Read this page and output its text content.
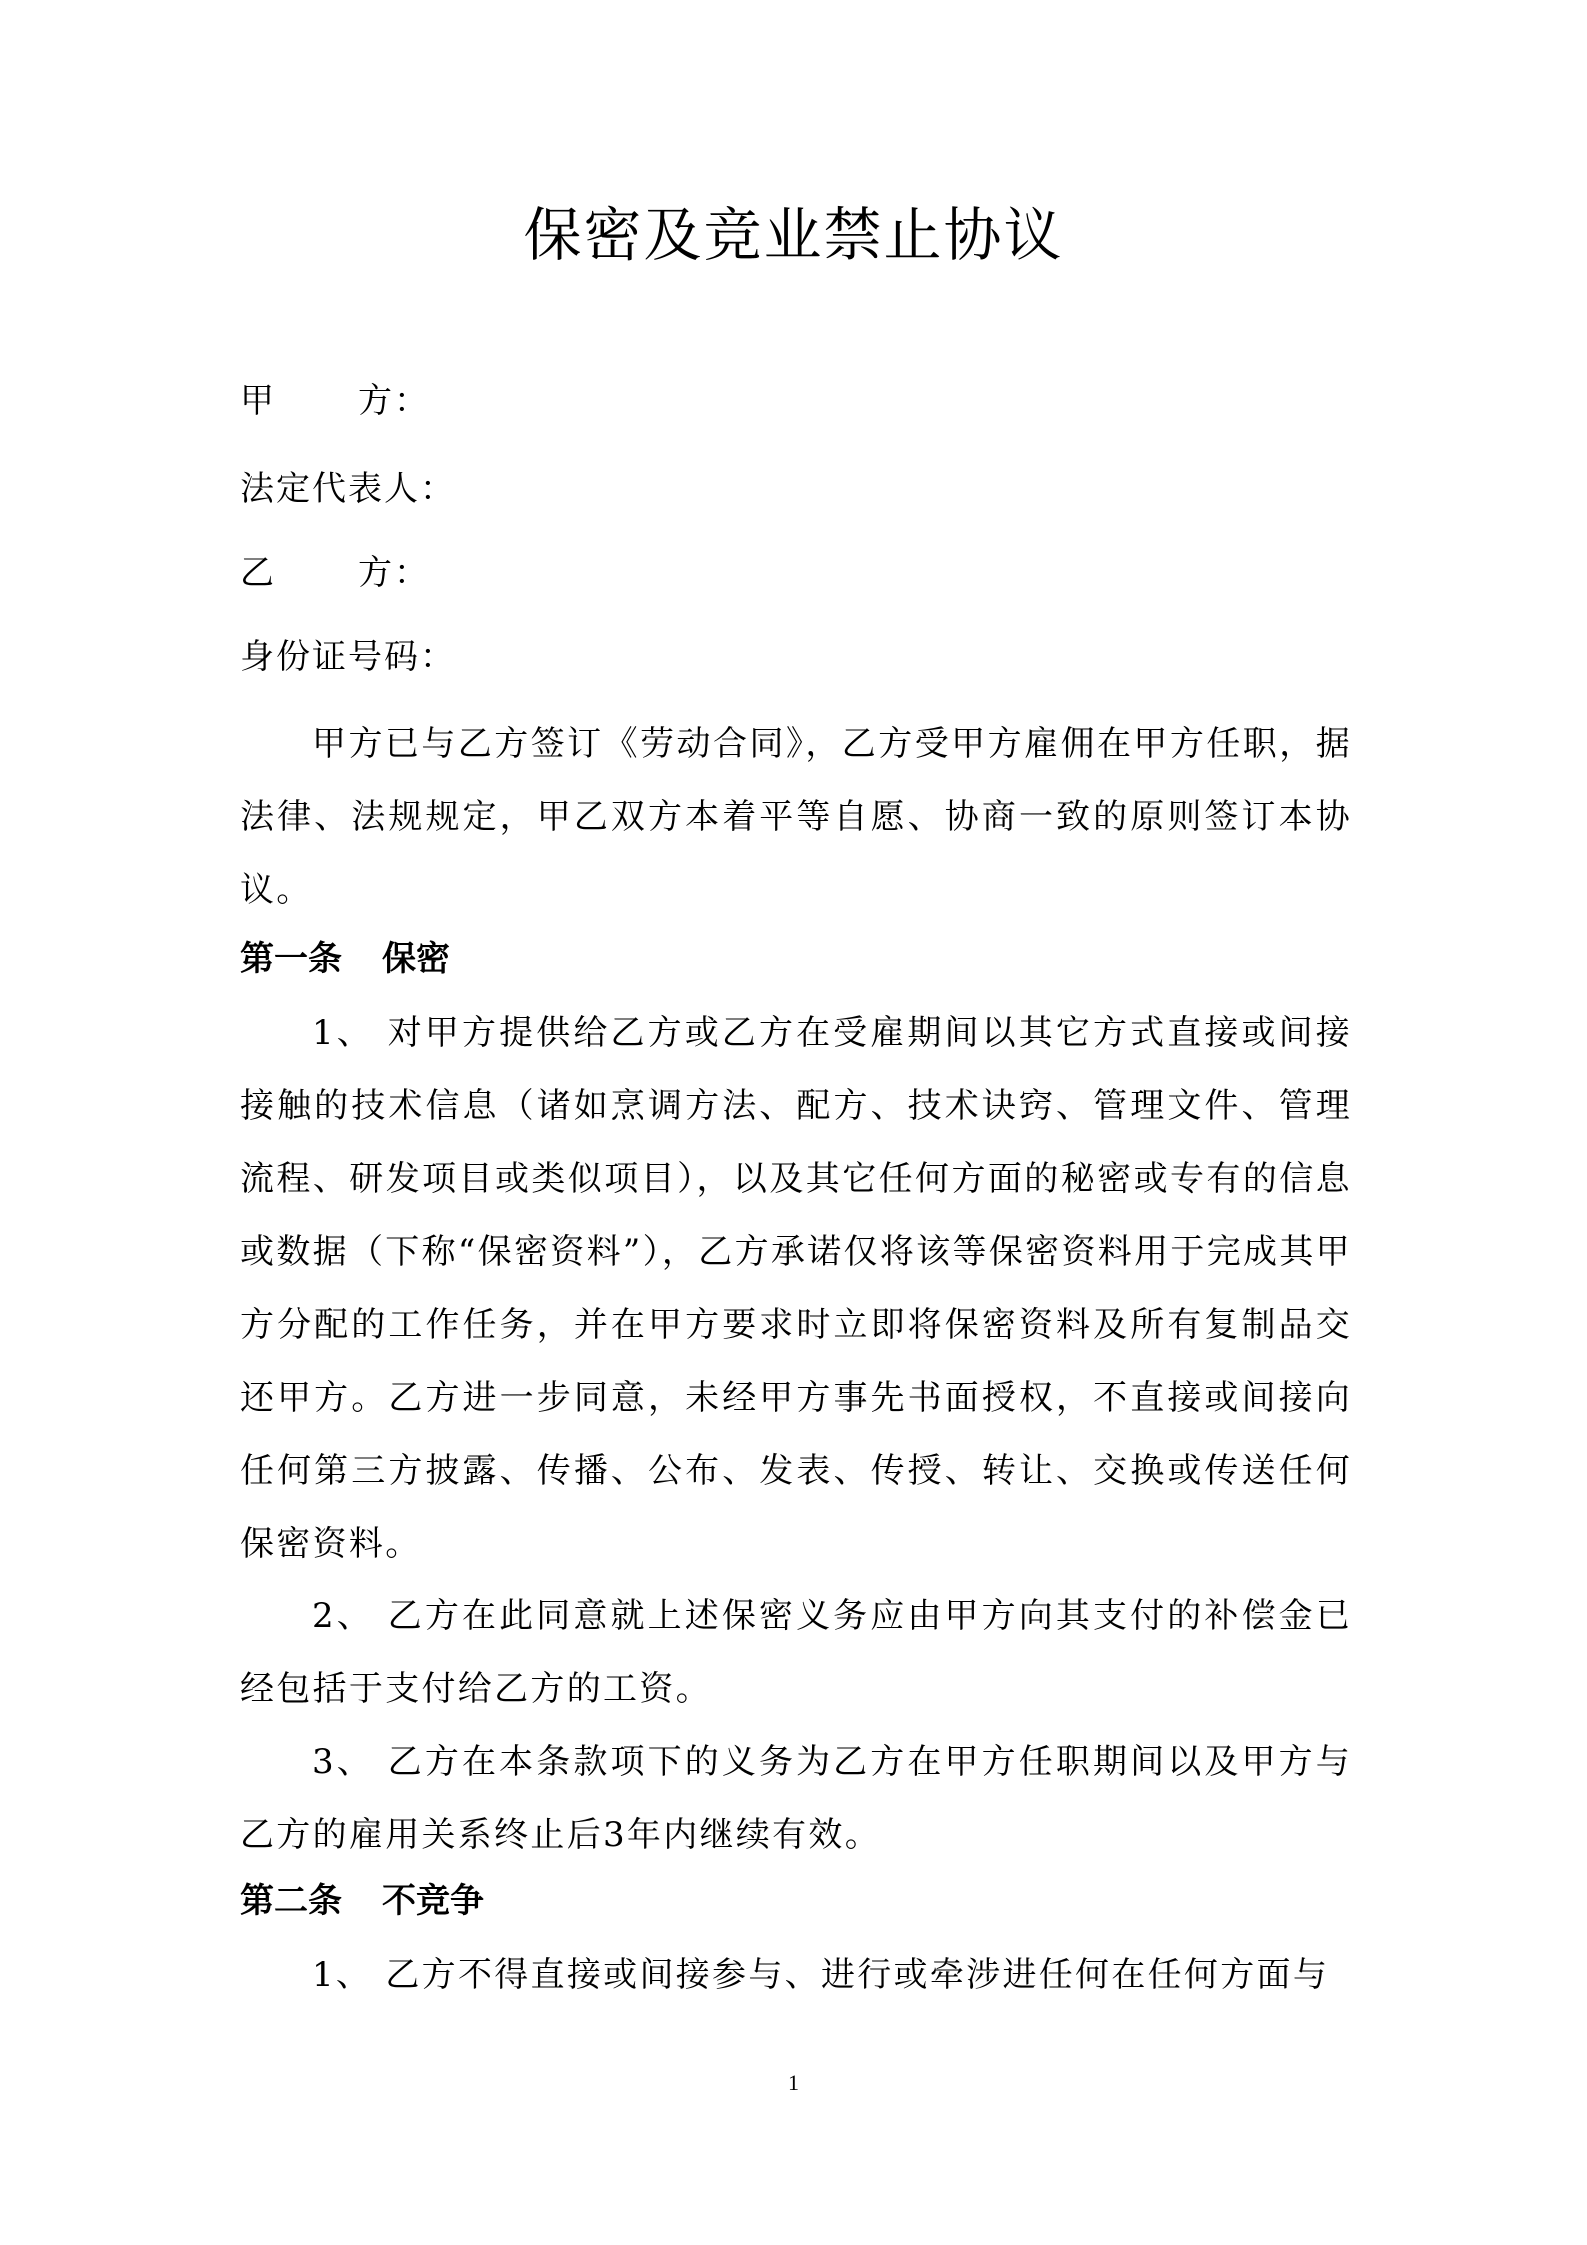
保密及竞业禁止协议
甲 方：
法定代表人：
乙 方：
身份证号码：
甲方已与乙方签订《劳动合同》，乙方受甲方雇佣在甲方任职，据法律、法规规定，甲乙双方本着平等自愿、协商一致的原则签订本协议。
第一条 保密
1、 对甲方提供给乙方或乙方在受雇期间以其它方式直接或间接接触的技术信息（诸如烹调方法、配方、技术诀窍、管理文件、管理流程、研发项目或类似项目），以及其它任何方面的秘密或专有的信息或数据（下称“保密资料”），乙方承诺仅将该等保密资料用于完成其甲方分配的工作任务，并在甲方要求时立即将保密资料及所有复制品交还甲方。乙方进一步同意，未经甲方事先书面授权，不直接或间接向任何第三方披露、传播、公布、发表、传授、转让、交换或传送任何保密资料。
2、 乙方在此同意就上述保密义务应由甲方向其支付的补偿金已经包括于支付给乙方的工资。
3、 乙方在本条款项下的义务为乙方在甲方任职期间以及甲方与乙方的雇用关系终止后3年内继续有效。
第二条 不竞争
1、 乙方不得直接或间接参与、进行或牵涉进任何在任何方面与
1
